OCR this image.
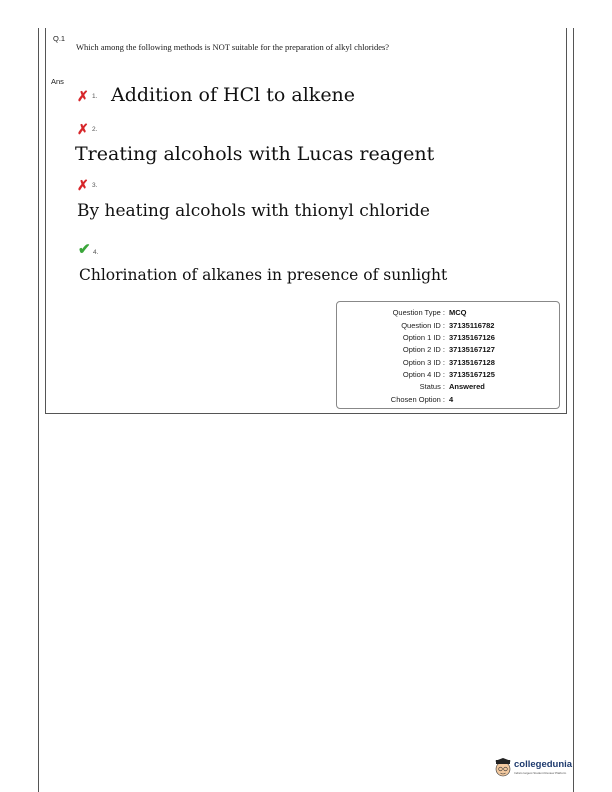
Q.1
Which among the following methods is NOT suitable for the preparation of alkyl chlorides?
Ans
✗ 1. Addition of HCl to alkene
✗ 2.
Treating alcohols with Lucas reagent
✗ 3.
By heating alcohols with thionyl chloride
✔ 4.
Chlorination of alkanes in presence of sunlight
Question Type : MCQ
Question ID : 37135116782
Option 1 ID : 37135167126
Option 2 ID : 37135167127
Option 3 ID : 37135167128
Option 4 ID : 37135167125
Status : Answered
Chosen Option : 4
collegedunia
India's largest Student Review Platform
